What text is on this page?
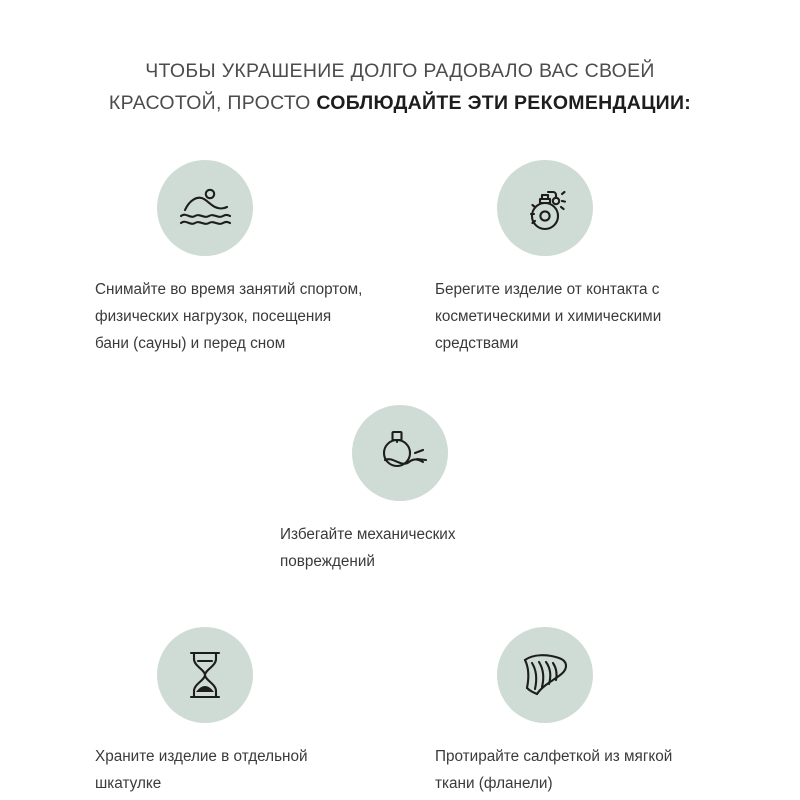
ЧТОБЫ УКРАШЕНИЕ ДОЛГО РАДОВАЛО ВАС СВОЕЙ
КРАСОТОЙ, ПРОСТО СОБЛЮДАЙТЕ ЭТИ РЕКОМЕНДАЦИИ:
Снимайте во время занятий спортом, физических нагрузок, посещения бани (сауны) и перед сном
Берегите изделие от контакта с косметическими и химическими средствами
Избегайте механических повреждений
Храните изделие в отдельной шкатулке
Протирайте салфеткой из мягкой ткани (фланели)
